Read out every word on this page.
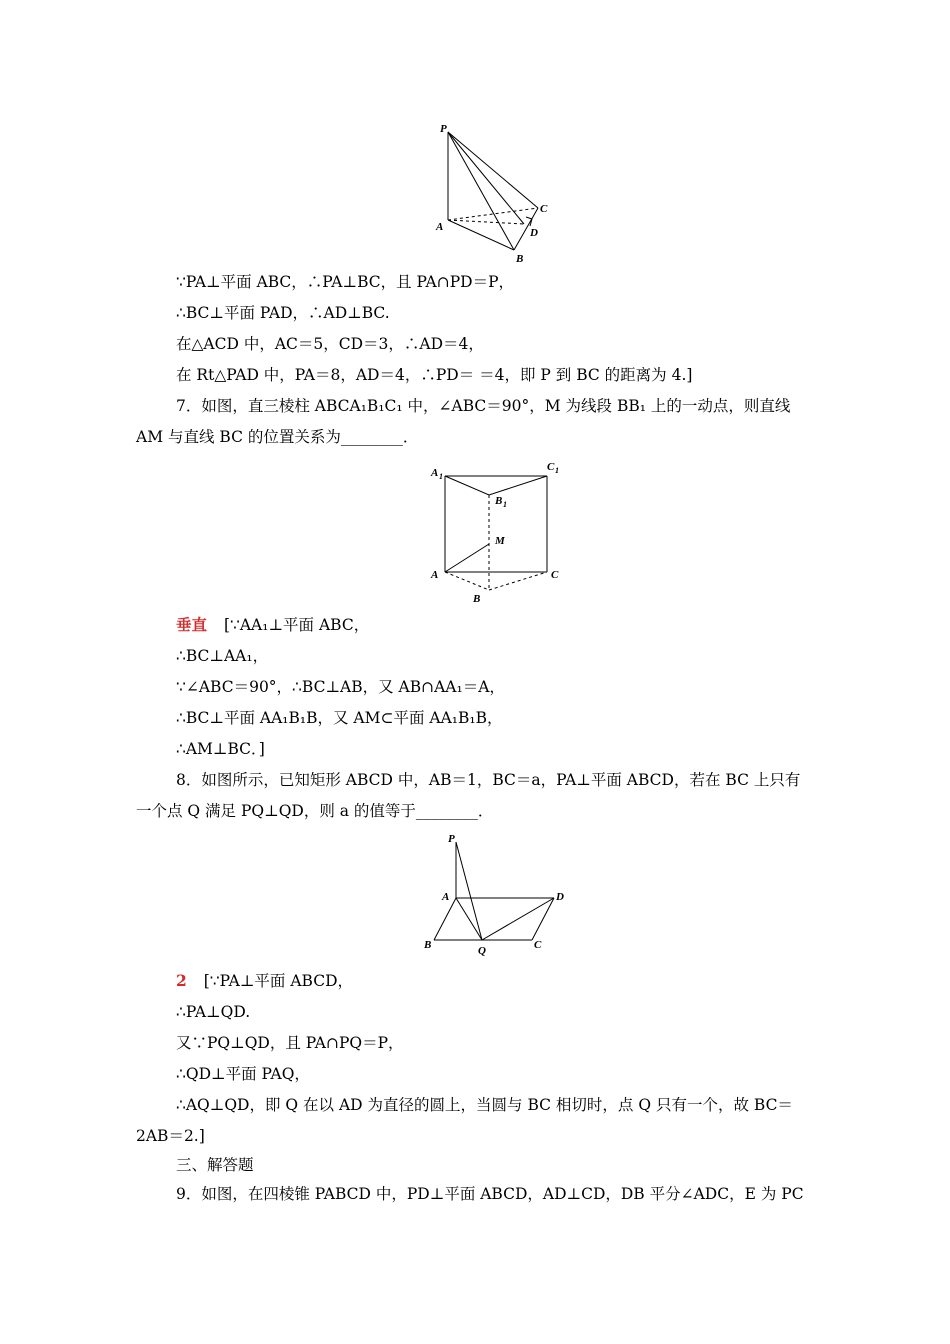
P
A
B
C
D
∵PA⊥平面 ABC，∴PA⊥BC，且 PA∩PD＝P，
∴BC⊥平面 PAD，∴AD⊥BC.
在△ACD 中，AC＝5，CD＝3，∴AD＝4，
在 Rt△PAD 中，PA＝8，AD＝4，∴PD＝ ＝4，即 P 到 BC 的距离为 4.]
7．如图，直三棱柱 ABCA₁B₁C₁ 中，∠ABC＝90°，M 为线段 BB₁ 上的一动点，则直线
AM 与直线 BC 的位置关系为________．
A 1
C 1
B 1
M
A
B
C
垂直 [∵AA₁⊥平面 ABC，
∴BC⊥AA₁，
∵∠ABC＝90°，∴BC⊥AB，又 AB∩AA₁＝A，
∴BC⊥平面 AA₁B₁B，又 AM⊂平面 AA₁B₁B，
∴AM⊥BC．]
8．如图所示，已知矩形 ABCD 中，AB＝1，BC＝a，PA⊥平面 ABCD，若在 BC 上只有
一个点 Q 满足 PQ⊥QD，则 a 的值等于________．
P
A	D
B	Q	C
2 [∵PA⊥平面 ABCD，
∴PA⊥QD.
又∵PQ⊥QD，且 PA∩PQ＝P，
∴QD⊥平面 PAQ，
∴AQ⊥QD，即 Q 在以 AD 为直径的圆上，当圆与 BC 相切时，点 Q 只有一个，故 BC＝
2AB＝2.]
三、解答题
9．如图，在四棱锥 PABCD 中，PD⊥平面 ABCD，AD⊥CD，DB 平分∠ADC，E 为 PC
